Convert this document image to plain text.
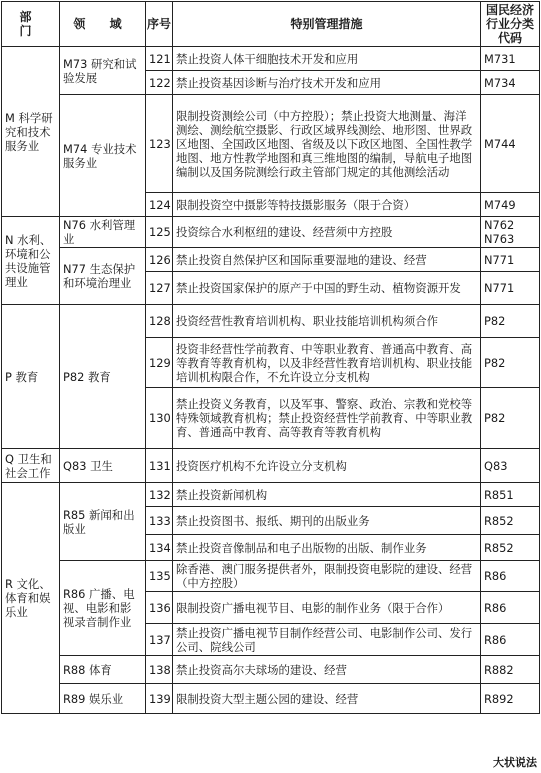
部 门	领 域	序号	特别管理措施	国民经济行业分类代码
M 科学研究和技术服务业	M73 研究和试验发展	121	禁止投资人体干细胞技术开发和应用	M731
		122	禁止投资基因诊断与治疗技术开发和应用	M734
	M74 专业技术服务业	123	限制投资测绘公司（中方控股）；禁止投资大地测量、海洋测绘、测绘航空摄影、行政区域界线测绘、地形图、世界政区地图、全国政区地图、省级及以下政区地图、全国性教学地图、地方性教学地图和真三维地图的编制，导航电子地图编制以及国务院测绘行政主管部门规定的其他测绘活动	M744
		124	限制投资空中摄影等特技摄影服务（限于合资）	M749
N 水利、环境和公共设施管理业	N76 水利管理业	125	投资综合水利枢纽的建设、经营须中方控股	N762 N763
	N77 生态保护和环境治理业	126	禁止投资自然保护区和国际重要湿地的建设、经营	N771
		127	禁止投资国家保护的原产于中国的野生动、植物资源开发	N771
P 教育	P82 教育	128	投资经营性教育培训机构、职业技能培训机构须合作	P82
		129	投资非经营性学前教育、中等职业教育、普通高中教育、高等教育等教育机构，以及非经营性教育培训机构、职业技能培训机构限合作，不允许设立分支机构	P82
		130	禁止投资义务教育，以及军事、警察、政治、宗教和党校等特殊领域教育机构；禁止投资经营性学前教育、中等职业教育、普通高中教育、高等教育等教育机构	P82
Q 卫生和社会工作	Q83 卫生	131	投资医疗机构不允许设立分支机构	Q83
R 文化、体育和娱乐业	R85 新闻和出版业	132	禁止投资新闻机构	R851
		133	禁止投资图书、报纸、期刊的出版业务	R852
		134	禁止投资音像制品和电子出版物的出版、制作业务	R852
	R86 广播、电视、电影和影视录音制作业	135	除香港、澳门服务提供者外，限制投资电影院的建设、经营（中方控股）	R86
		136	限制投资广播电视节目、电影的制作业务（限于合作）	R86
		137	禁止投资广播电视节目制作经营公司、电影制作公司、发行公司、院线公司	R86
	R88 体育	138	禁止投资高尔夫球场的建设、经营	R882
	R89 娱乐业	139	限制投资大型主题公园的建设、经营	R892
大状说法
